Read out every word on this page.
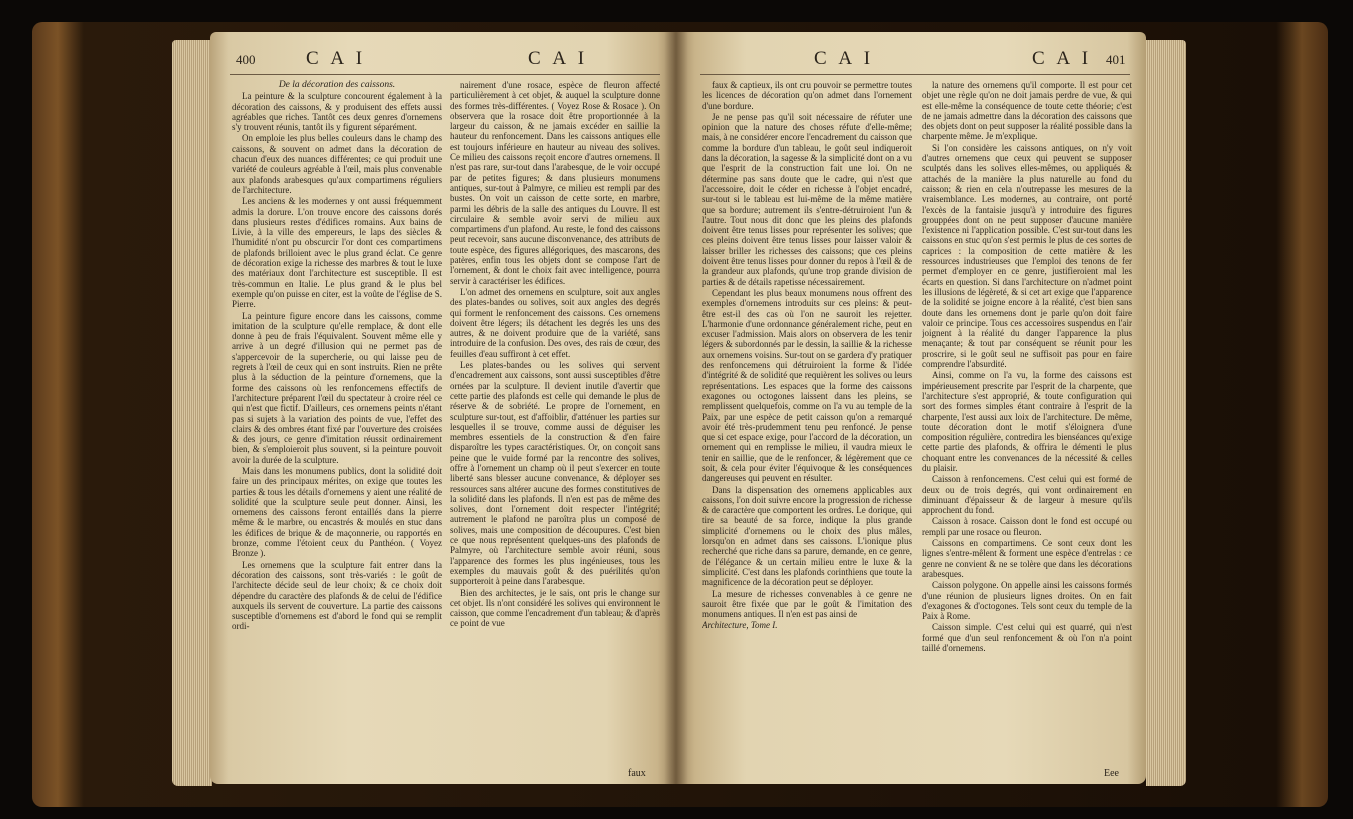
400	C A I	C A I

De la décoration des caissons.

La peinture & la sculpture concourent également à la décoration des caissons, & y produisent des effets aussi agréables que riches. Tantôt ces deux genres d'ornemens s'y trouvent réunis, tantôt ils y figurent séparément.

On emploie les plus belles couleurs dans le champ des caissons, & souvent on admet dans la décoration de chacun d'eux des nuances différentes; ce qui produit une variété de couleurs agréable à l'œil, mais plus convenable aux plafonds arabesques qu'aux compartimens réguliers de l'architecture.

Les anciens & les modernes y ont aussi fréquemment admis la dorure. L'on trouve encore des caissons dorés dans plusieurs restes d'édifices romains. Aux bains de Livie, à la ville des empereurs, le laps des siècles & l'humidité n'ont pu obscurcir l'or dont ces compartimens de plafonds brilloient avec le plus grand éclat. Ce genre de décoration exige la richesse des marbres & tout le luxe des matériaux dont l'architecture est susceptible. Il est très-commun en Italie. Le plus grand & le plus bel exemple qu'on puisse en citer, est la voûte de l'église de S. Pierre.

La peinture figure encore dans les caissons, comme imitation de la sculpture qu'elle remplace, & dont elle donne à peu de frais l'équivalent. Souvent même elle y arrive à un degré d'illusion qui ne permet pas de s'appercevoir de la supercherie, ou qui laisse peu de regrets à l'œil de ceux qui en sont instruits. Rien ne prête plus à la séduction de la peinture d'ornemens, que la forme des caissons où les renfoncemens effectifs de l'architecture préparent l'œil du spectateur à croire réel ce qui n'est que fictif. D'ailleurs, ces ornemens peints n'étant pas si sujets à la variation des points de vue, l'effet des clairs & des ombres étant fixé par l'ouverture des croisées & des jours, ce genre d'imitation réussit ordinairement bien, & s'emploieroit plus souvent, si la peinture pouvoit avoir la durée de la sculpture.

Mais dans les monumens publics, dont la solidité doit faire un des principaux mérites, on exige que toutes les parties & tous les détails d'ornemens y aient une réalité de solidité que la sculpture seule peut donner. Ainsi, les ornemens des caissons feront entaillés dans la pierre même & le marbre, ou encastrés & moulés en stuc dans les édifices de brique & de maçonnerie, ou rapportés en bronze, comme l'étoient ceux du Panthéon. ( Voyez Bronze ).

Les ornemens que la sculpture fait entrer dans la décoration des caissons, sont très-variés : le goût de l'architecte décide seul de leur choix; & ce choix doit dépendre du caractère des plafonds & de celui de l'édifice auxquels ils servent de couverture. La partie des caissons susceptible d'ornemens est d'abord le fond qui se remplit ordi-

nairement d'une rosace, espèce de fleuron affecté particulièrement à cet objet, & auquel la sculpture donne des formes très-différentes. ( Voyez Rose & Rosace ). On observera que la rosace doit être proportionnée à la largeur du caisson, & ne jamais excéder en saillie la hauteur du renfoncement. Dans les caissons antiques elle est toujours inférieure en hauteur au niveau des solives. Ce milieu des caissons reçoit encore d'autres ornemens. Il n'est pas rare, sur-tout dans l'arabesque, de le voir occupé par de petites figures; & dans plusieurs monumens antiques, sur-tout à Palmyre, ce milieu est rempli par des bustes. On voit un caisson de cette sorte, en marbre, parmi les débris de la salle des antiques du Louvre. Il est circulaire & semble avoir servi de milieu aux compartimens d'un plafond. Au reste, le fond des caissons peut recevoir, sans aucune disconvenance, des attributs de toute espèce, des figures allégoriques, des mascarons, des patères, enfin tous les objets dont se compose l'art de l'ornement, & dont le choix fait avec intelligence, pourra servir à caractériser les édifices.

L'on admet des ornemens en sculpture, soit aux angles des plates-bandes ou solives, soit aux angles des degrés qui forment le renfoncement des caissons. Ces ornemens doivent être légers; ils détachent les degrés les uns des autres, & ne doivent produire que de la variété, sans introduire de la confusion. Des oves, des rais de cœur, des feuilles d'eau suffiront à cet effet.

Les plates-bandes ou les solives qui servent d'encadrement aux caissons, sont aussi susceptibles d'être ornées par la sculpture. Il devient inutile d'avertir que cette partie des plafonds est celle qui demande le plus de réserve & de sobriété. Le propre de l'ornement, en sculpture sur-tout, est d'affoiblir, d'atténuer les parties sur lesquelles il se trouve, comme aussi de déguiser les membres essentiels de la construction & d'en faire disparoître les types caractéristiques. Or, on conçoit sans peine que le vuide formé par la rencontre des solives, offre à l'ornement un champ où il peut s'exercer en toute liberté sans blesser aucune convenance, & déployer ses ressources sans altérer aucune des formes constitutives de la solidité dans les plafonds. Il n'en est pas de même des solives, dont l'ornement doit respecter l'intégrité; autrement le plafond ne paroîtra plus un composé de solives, mais une composition de découpures. C'est bien ce que nous représentent quelques-uns des plafonds de Palmyre, où l'architecture semble avoir réuni, sous l'apparence des formes les plus ingénieuses, tous les exemples du mauvais goût & des puérilités qu'on supporteroit à peine dans l'arabesque.

Bien des architectes, je le sais, ont pris le change sur cet objet. Ils n'ont considéré les solives qui environnent le caisson, que comme l'encadrement d'un tableau; & d'après ce point de vue

faux
C A I	C A I 401

faux & captieux, ils ont cru pouvoir se permettre toutes les licences de décoration qu'on admet dans l'ornement d'une bordure.

Je ne pense pas qu'il soit nécessaire de réfuter une opinion que la nature des choses réfute d'elle-même; mais, à ne considérer encore l'encadrement du caisson que comme la bordure d'un tableau, le goût seul indiqueroit dans la décoration, la sagesse & la simplicité dont on a vu que l'esprit de la construction fait une loi. On ne détermine pas sans doute que le cadre, qui n'est que l'accessoire, doit le céder en richesse à l'objet encadré, sur-tout si le tableau est lui-même de la même matière que sa bordure; autrement ils s'entre-détruiroient l'un & l'autre. Tout nous dit donc que les pleins des plafonds doivent être tenus lisses pour représenter les solives; que ces pleins doivent être tenus lisses pour laisser valoir & laisser briller les richesses des caissons; que ces pleins doivent être tenus lisses pour donner du repos à l'œil & de la grandeur aux plafonds, qu'une trop grande division de parties & de détails rapetisse nécessairement.

Cependant les plus beaux monumens nous offrent des exemples d'ornemens introduits sur ces pleins: & peut-être est-il des cas où l'on ne sauroit les rejetter. L'harmonie d'une ordonnance généralement riche, peut en excuser l'admission. Mais alors on observera de les tenir légers & subordonnés par le dessin, la saillie & la richesse aux ornemens voisins. Sur-tout on se gardera d'y pratiquer des renfoncemens qui détruiroient la forme & l'idée d'intégrité & de solidité que requièrent les solives ou leurs représentations. Les espaces que la forme des caissons exagones ou octogones laissent dans les pleins, se remplissent quelquefois, comme on l'a vu au temple de la Paix, par une espèce de petit caisson qu'on a remarqué avoir été très-prudemment tenu peu renfoncé. Je pense que si cet espace exige, pour l'accord de la décoration, un ornement qui en remplisse le milieu, il vaudra mieux le tenir en saillie, que de le renfoncer, & légèrement que ce soit, & cela pour éviter l'équivoque & les conséquences dangereuses qui peuvent en résulter.

Dans la dispensation des ornemens applicables aux caissons, l'on doit suivre encore la progression de richesse & de caractère que comportent les ordres. Le dorique, qui tire sa beauté de sa force, indique la plus grande simplicité d'ornemens ou le choix des plus mâles, lorsqu'on en admet dans ses caissons. L'ionique plus recherché que riche dans sa parure, demande, en ce genre, de l'élégance & un certain milieu entre le luxe & la simplicité. C'est dans les plafonds corinthiens que toute la magnificence de la décoration peut se déployer.

La mesure de richesses convenables à ce genre ne sauroit être fixée que par le goût & l'imitation des monumens antiques. Il n'en est pas ainsi de

Architecture, Tome I.

la nature des ornemens qu'il comporte. Il est pour cet objet une règle qu'on ne doit jamais perdre de vue, & qui est elle-même la conséquence de toute cette théorie; c'est de ne jamais admettre dans la décoration des caissons que des objets dont on peut supposer la réalité possible dans la charpente même. Je m'explique.

Si l'on considère les caissons antiques, on n'y voit d'autres ornemens que ceux qui peuvent se supposer sculptés dans les solives elles-mêmes, ou appliqués & attachés de la manière la plus naturelle au fond du caisson; & rien en cela n'outrepasse les mesures de la vraisemblance. Les modernes, au contraire, ont porté l'excès de la fantaisie jusqu'à y introduire des figures grouppées dont on ne peut supposer d'aucune manière l'existence ni l'application possible. C'est sur-tout dans les caissons en stuc qu'on s'est permis le plus de ces sortes de caprices : la composition de cette matière & les ressources industrieuses que l'emploi des tenons de fer permet d'employer en ce genre, justifieroient mal les écarts en question. Si dans l'architecture on n'admet point les illusions de légèreté, & si cet art exige que l'apparence de la solidité se joigne encore à la réalité, c'est bien sans doute dans les ornemens dont je parle qu'on doit faire valoir ce principe. Tous ces accessoires suspendus en l'air joignent à la réalité du danger l'apparence la plus menaçante; & tout par conséquent se réunit pour les proscrire, si le goût seul ne suffisoit pas pour en faire comprendre l'absurdité.

Ainsi, comme on l'a vu, la forme des caissons est impérieusement prescrite par l'esprit de la charpente, que l'architecture s'est approprié, & toute configuration qui sort des formes simples étant contraire à l'esprit de la charpente, l'est aussi aux loix de l'architecture. De même, toute décoration dont le motif s'éloignera d'une composition régulière, contredira les bienséances qu'exige cette partie des plafonds, & offrira le démenti le plus choquant entre les convenances de la nécessité & celles du plaisir.

Caisson à renfoncemens. C'est celui qui est formé de deux ou de trois degrés, qui vont ordinairement en diminuant d'épaisseur & de largeur à mesure qu'ils approchent du fond.

Caisson à rosace. Caisson dont le fond est occupé ou rempli par une rosace ou fleuron.

Caissons en compartimens. Ce sont ceux dont les lignes s'entre-mêlent & forment une espèce d'entrelas : ce genre ne convient & ne se tolère que dans les décorations arabesques.

Caisson polygone. On appelle ainsi les caissons formés d'une réunion de plusieurs lignes droites. On en fait d'exagones & d'octogones. Tels sont ceux du temple de la Paix à Rome.

Caisson simple. C'est celui qui est quarré, qui n'est formé que d'un seul renfoncement & où l'on n'a point taillé d'ornemens.

Eee
